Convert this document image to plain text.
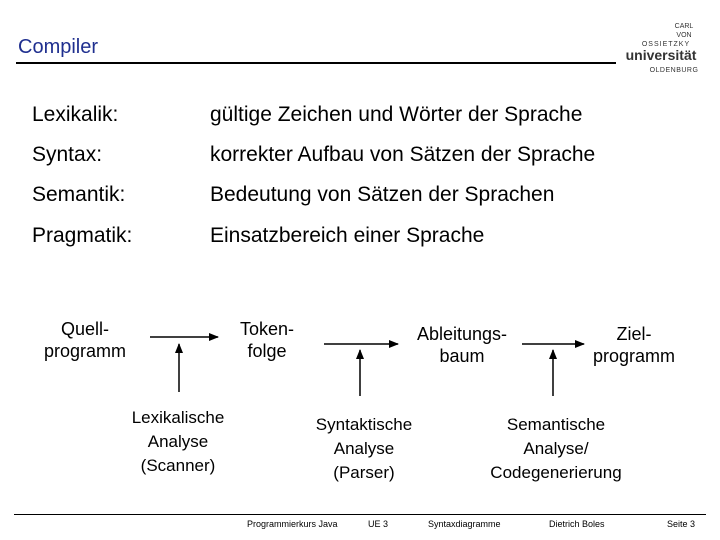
Compiler
CARL
VON
OSSIETZKY
universität
OLDENBURG
Lexikalik:	gültige Zeichen und Wörter der Sprache
Syntax:	korrekter Aufbau von Sätzen der Sprache
Semantik:	Bedeutung von Sätzen der Sprachen
Pragmatik:	Einsatzbereich einer Sprache
Quell-
programm
Token-
folge
Ableitungs-
baum
Ziel-
programm
Lexikalische
Analyse
(Scanner)
Syntaktische
Analyse
(Parser)
Semantische
Analyse/
Codegenerierung
Programmierkurs Java	UE 3	Syntaxdiagramme	Dietrich Boles	Seite 3
